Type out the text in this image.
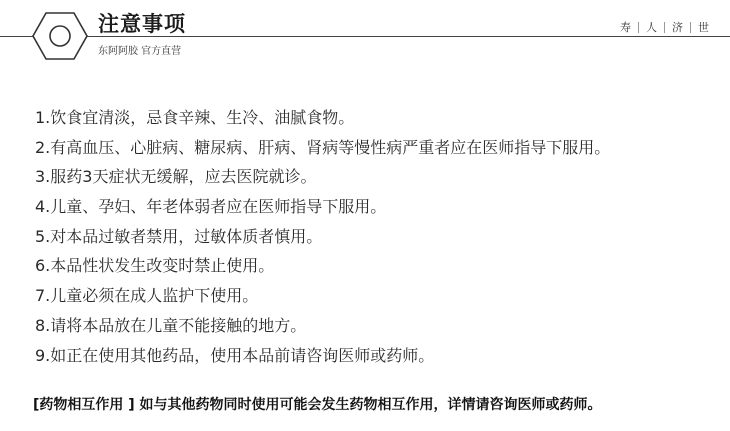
注意事项
东阿阿胶 官方直营
寿	人	济	世
1.饮食宜清淡，忌食辛辣、生冷、油腻食物。
2.有高血压、心脏病、糖尿病、肝病、肾病等慢性病严重者应在医师指导下服用。
3.服药3天症状无缓解，应去医院就诊。
4.儿童、孕妇、年老体弱者应在医师指导下服用。
5.对本品过敏者禁用，过敏体质者慎用。
6.本品性状发生改变时禁止使用。
7.儿童必须在成人监护下使用。
8.请将本品放在儿童不能接触的地方。
9.如正在使用其他药品，使用本品前请咨询医师或药师。
[药物相互作用 ] 如与其他药物同时使用可能会发生药物相互作用，详情请咨询医师或药师。
